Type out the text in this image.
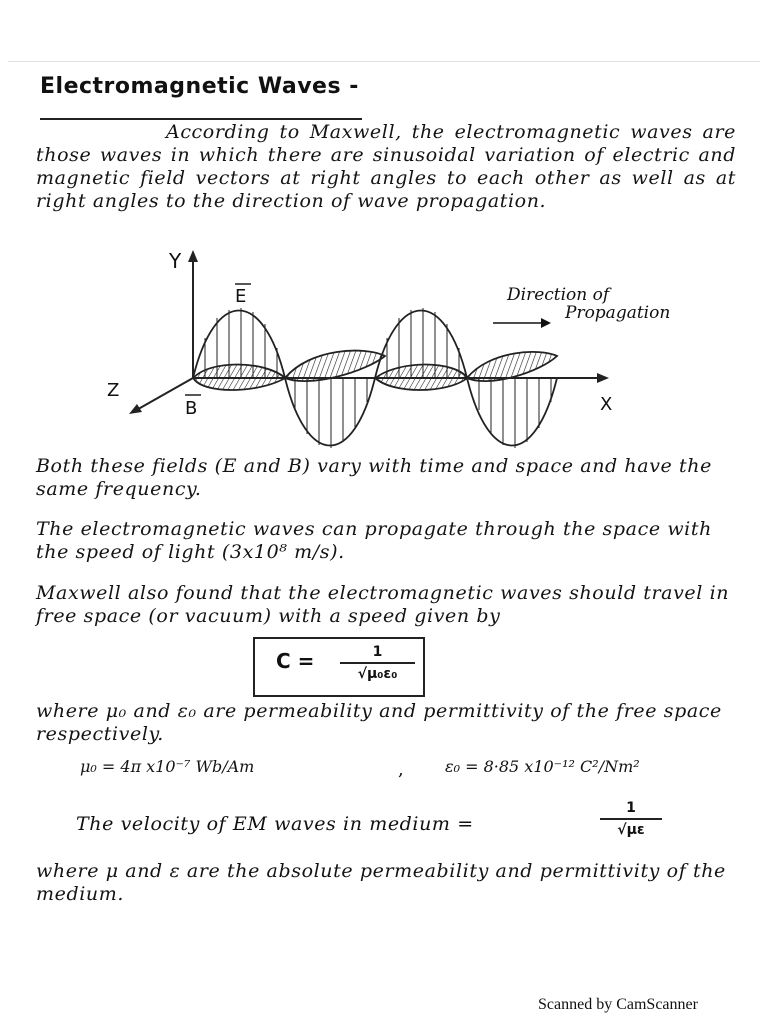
Electromagnetic Waves -
According to Maxwell, the electromagnetic waves are those waves in which there are sinusoidal variation of electric and magnetic field vectors at right angles to each other as well as at right angles to the direction of wave propagation.
Y
X
Z
E
B
Direction of
Propagation
Both these fields (E and B) vary with time and space and have the same frequency.
The electromagnetic waves can propagate through the space with the speed of light (3x10⁸ m/s).
Maxwell also found that the electromagnetic waves should travel in free space (or vacuum) with a speed given by
C =	1
√μ₀ε₀
where μ₀ and ε₀ are permeability and permittivity of the free space respectively.
μ₀ = 4π x10⁻⁷ Wb/Am	,	ε₀ = 8·85 x10⁻¹² C²/Nm²
The velocity of EM waves in medium =
1
√με
where μ and ε are the absolute permeability and permittivity of the medium.
Scanned by CamScanner
